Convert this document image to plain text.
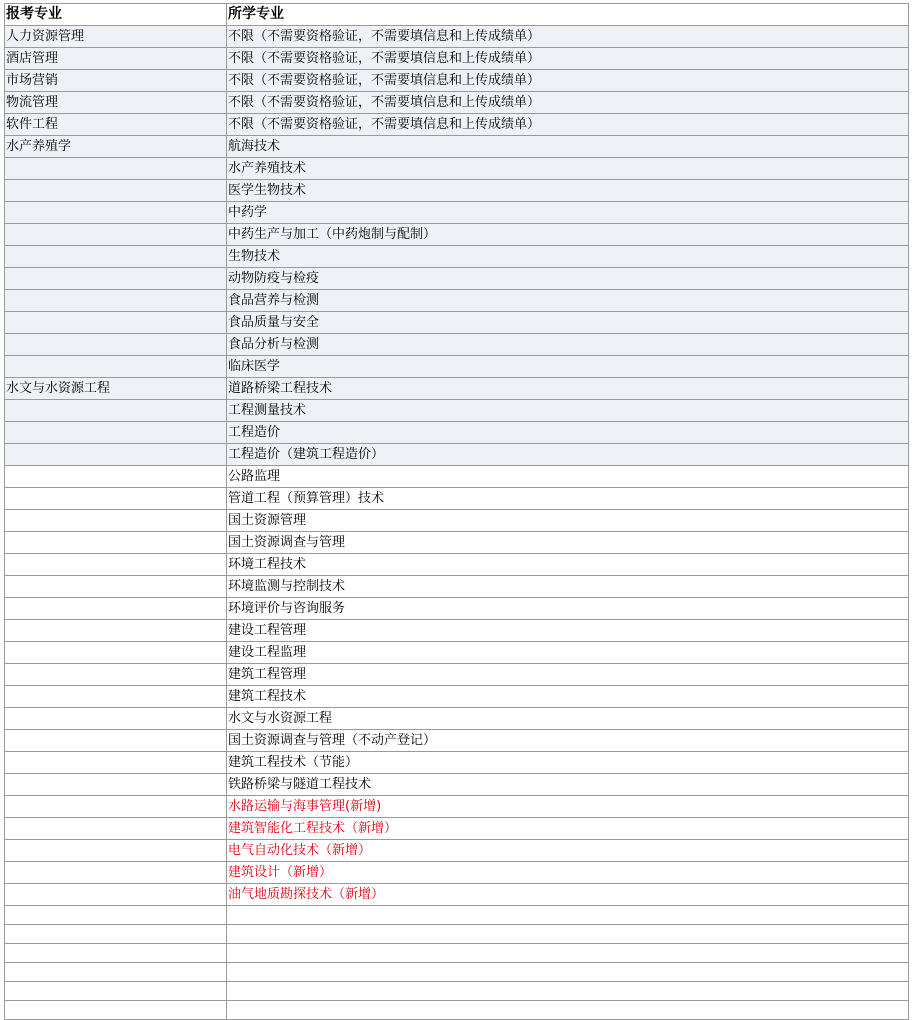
报考专业	所学专业
人力资源管理	不限（不需要资格验证，不需要填信息和上传成绩单）
酒店管理	不限（不需要资格验证，不需要填信息和上传成绩单）
市场营销	不限（不需要资格验证，不需要填信息和上传成绩单）
物流管理	不限（不需要资格验证，不需要填信息和上传成绩单）
软件工程	不限（不需要资格验证，不需要填信息和上传成绩单）
水产养殖学	航海技术
	水产养殖技术
	医学生物技术
	中药学
	中药生产与加工（中药炮制与配制）
	生物技术
	动物防疫与检疫
	食品营养与检测
	食品质量与安全
	食品分析与检测
	临床医学
水文与水资源工程	道路桥梁工程技术
	工程测量技术
	工程造价
	工程造价（建筑工程造价）
	公路监理
	管道工程（预算管理）技术
	国土资源管理
	国土资源调查与管理
	环境工程技术
	环境监测与控制技术
	环境评价与咨询服务
	建设工程管理
	建设工程监理
	建筑工程管理
	建筑工程技术
	水文与水资源工程
	国土资源调查与管理（不动产登记）
	建筑工程技术（节能）
	铁路桥梁与隧道工程技术
	水路运输与海事管理(新增)
	建筑智能化工程技术（新增）
	电气自动化技术（新增）
	建筑设计（新增）
	油气地质勘探技术（新增）
